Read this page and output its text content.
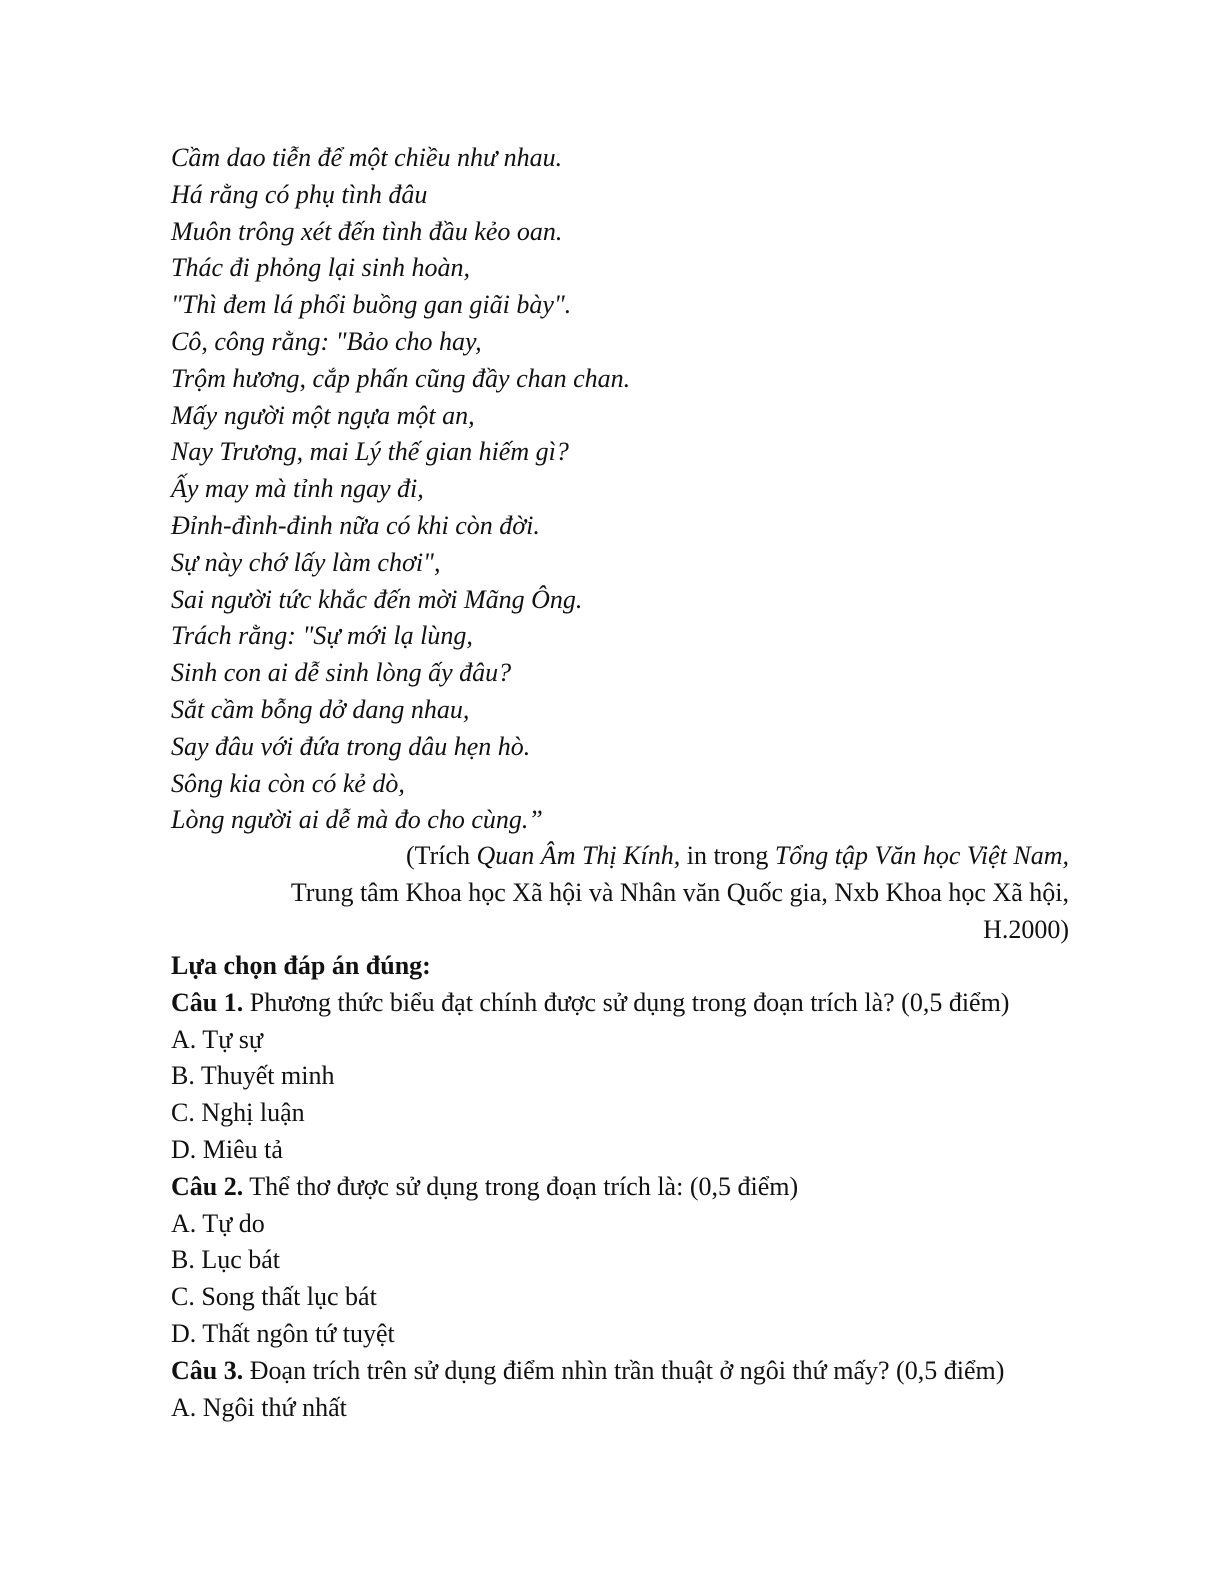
Cầm dao tiễn để một chiều như nhau.
Há rằng có phụ tình đâu
Muôn trông xét đến tình đầu kẻo oan.
Thác đi phỏng lại sinh hoàn,
"Thì đem lá phổi buồng gan giãi bày".
Cô, công rằng: "Bảo cho hay,
Trộm hương, cắp phấn cũng đầy chan chan.
Mấy người một ngựa một an,
Nay Trương, mai Lý thế gian hiếm gì?
Ấy may mà tỉnh ngay đi,
Đỉnh-đình-đinh nữa có khi còn đời.
Sự này chớ lấy làm chơi",
Sai người tức khắc đến mời Mãng Ông.
Trách rằng: "Sự mới lạ lùng,
Sinh con ai dễ sinh lòng ấy đâu?
Sắt cầm bỗng dở dang nhau,
Say đâu với đứa trong dâu hẹn hò.
Sông kia còn có kẻ dò,
Lòng người ai dễ mà đo cho cùng.”
(Trích Quan Âm Thị Kính, in trong Tổng tập Văn học Việt Nam,
Trung tâm Khoa học Xã hội và Nhân văn Quốc gia, Nxb Khoa học Xã hội,
H.2000)
Lựa chọn đáp án đúng:
Câu 1. Phương thức biểu đạt chính được sử dụng trong đoạn trích là? (0,5 điểm)
A. Tự sự
B. Thuyết minh
C. Nghị luận
D. Miêu tả
Câu 2. Thể thơ được sử dụng trong đoạn trích là: (0,5 điểm)
A. Tự do
B. Lục bát
C. Song thất lục bát
D. Thất ngôn tứ tuyệt
Câu 3. Đoạn trích trên sử dụng điểm nhìn trần thuật ở ngôi thứ mấy? (0,5 điểm)
A. Ngôi thứ nhất
